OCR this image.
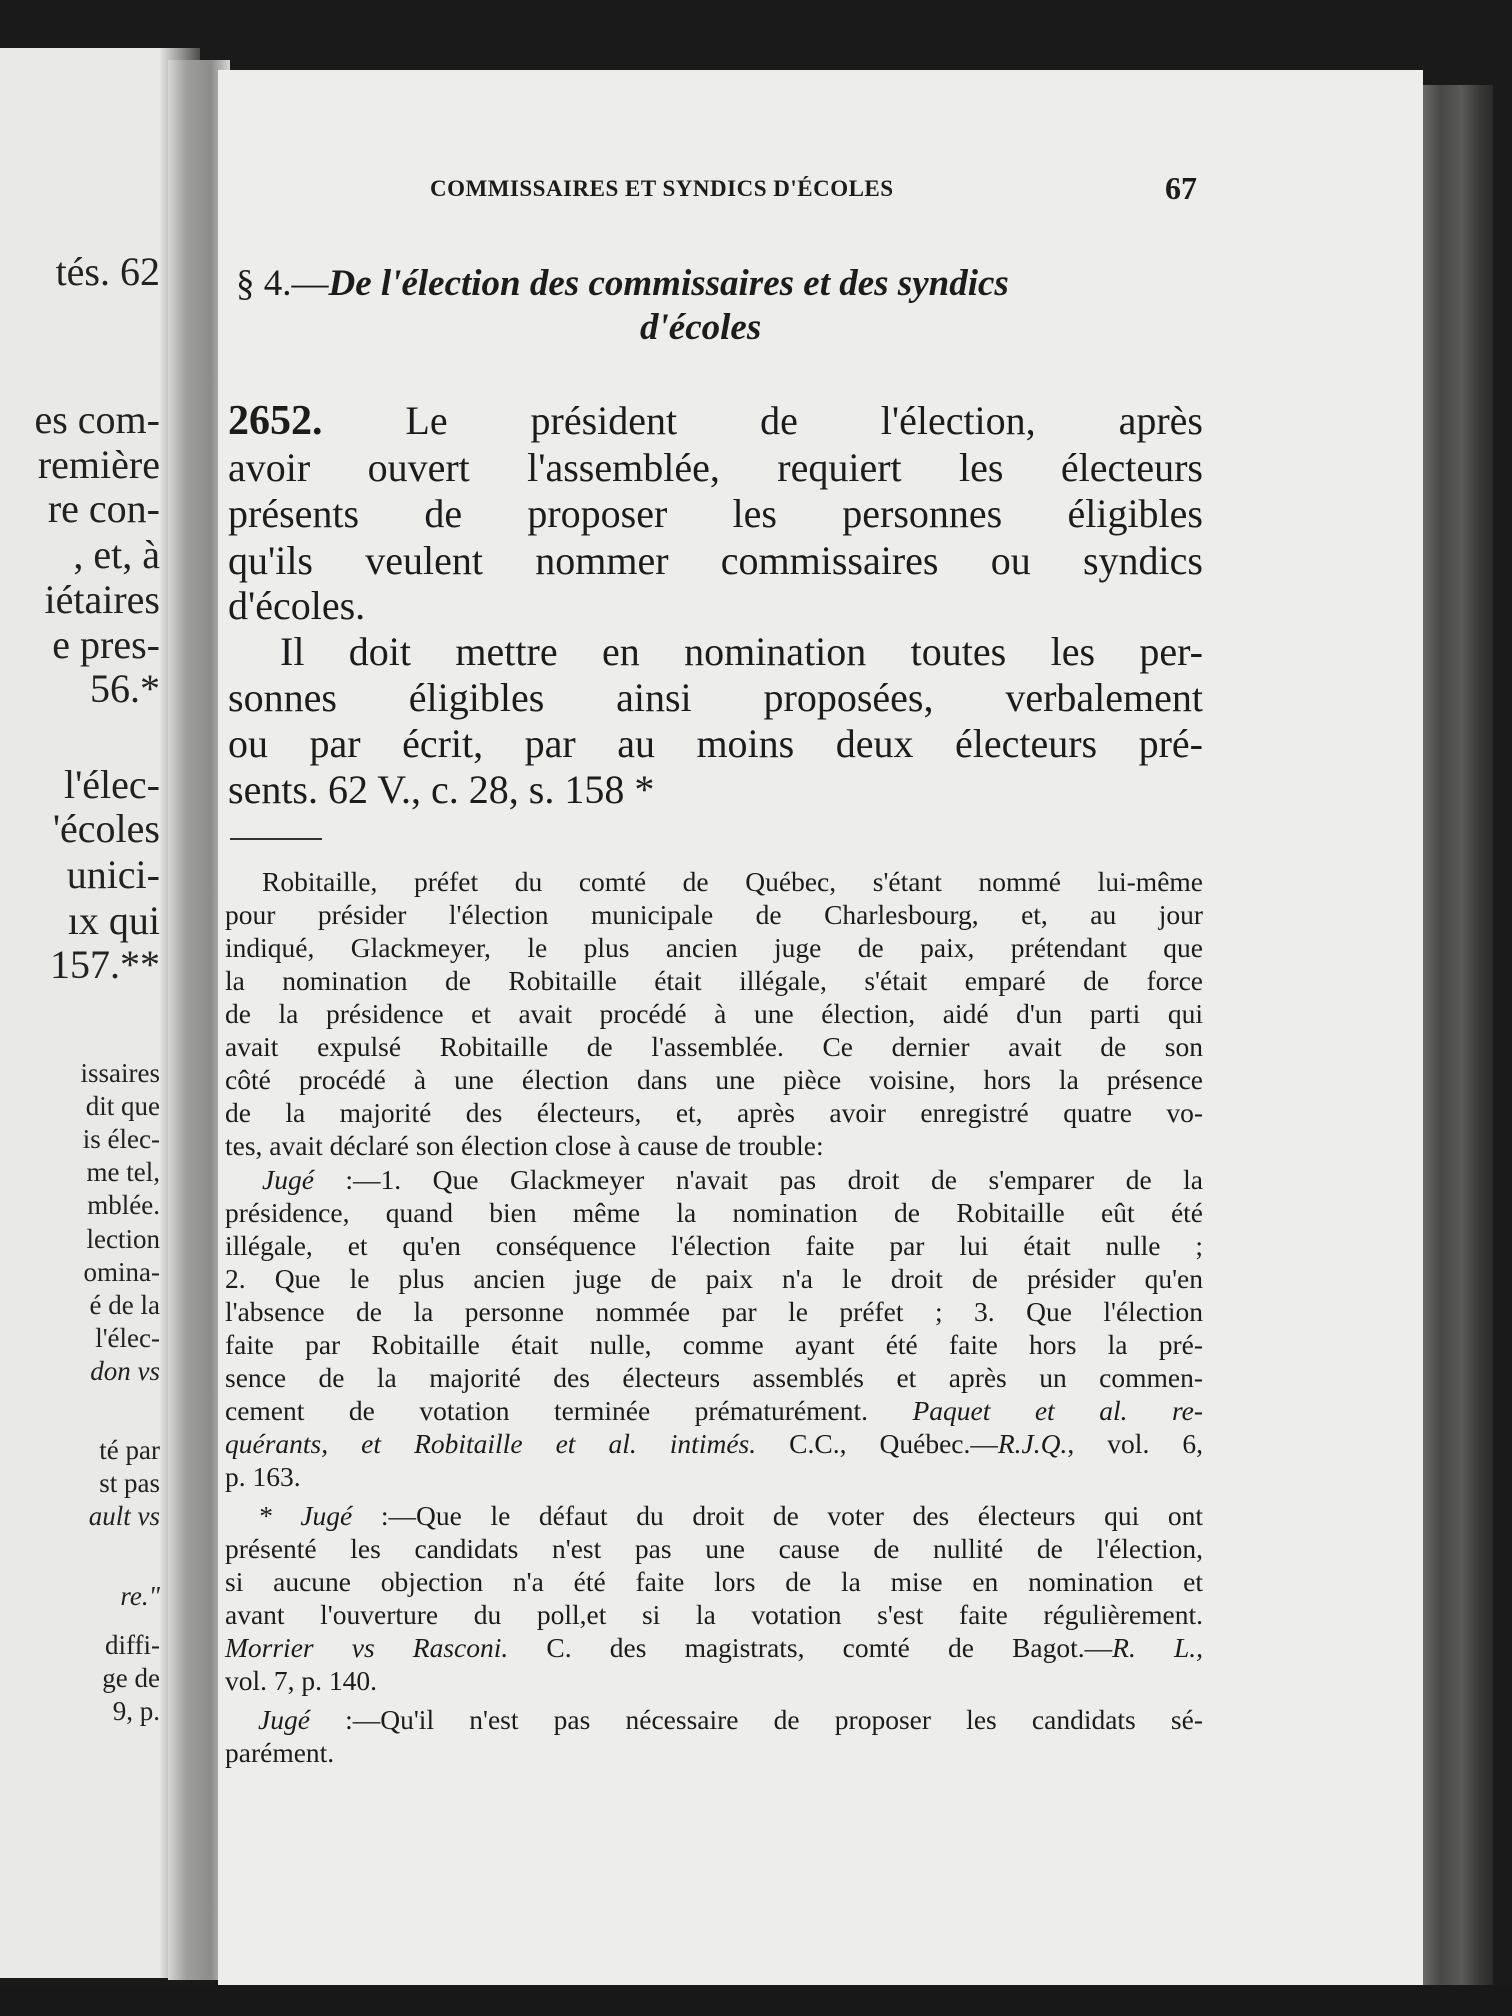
tés. 62
es com-
remière
re con-
, et, à
iétaires
e pres-
56.*
l'élec-
'écoles
unici-
ıx qui
157.**
issaires
dit que
is élec-
me tel,
mblée.
lection
omina-
é de la
l'élec-
don vs
té par
st pas
ault vs
re."
diffi-
ge de
9, p.
COMMISSAIRES ET SYNDICS D'ÉCOLES	67
§ 4.—De l'élection des commissaires et des syndics
d'écoles
2652. Le président de l'élection, après
avoir ouvert l'assemblée, requiert les électeurs
présents de proposer les personnes éligibles
qu'ils veulent nommer commissaires ou syndics
d'écoles.
Il doit mettre en nomination toutes les per-
sonnes éligibles ainsi proposées, verbalement
ou par écrit, par au moins deux électeurs pré-
sents. 62 V., c. 28, s. 158 *
Robitaille, préfet du comté de Québec, s'étant nommé lui-même
pour présider l'élection municipale de Charlesbourg, et, au jour
indiqué, Glackmeyer, le plus ancien juge de paix, prétendant que
la nomination de Robitaille était illégale, s'était emparé de force
de la présidence et avait procédé à une élection, aidé d'un parti qui
avait expulsé Robitaille de l'assemblée. Ce dernier avait de son
côté procédé à une élection dans une pièce voisine, hors la présence
de la majorité des électeurs, et, après avoir enregistré quatre vo-
tes, avait déclaré son élection close à cause de trouble:
Jugé :—1. Que Glackmeyer n'avait pas droit de s'emparer de la
présidence, quand bien même la nomination de Robitaille eût été
illégale, et qu'en conséquence l'élection faite par lui était nulle ;
2. Que le plus ancien juge de paix n'a le droit de présider qu'en
l'absence de la personne nommée par le préfet ; 3. Que l'élection
faite par Robitaille était nulle, comme ayant été faite hors la pré-
sence de la majorité des électeurs assemblés et après un commen-
cement de votation terminée prématurément. Paquet et al. re-
quérants, et Robitaille et al. intimés. C.C., Québec.—R.J.Q., vol. 6,
p. 163.
* Jugé :—Que le défaut du droit de voter des électeurs qui ont
présenté les candidats n'est pas une cause de nullité de l'élection,
si aucune objection n'a été faite lors de la mise en nomination et
avant l'ouverture du poll,et si la votation s'est faite régulièrement.
Morrier vs Rasconi. C. des magistrats, comté de Bagot.—R. L.,
vol. 7, p. 140.
Jugé :—Qu'il n'est pas nécessaire de proposer les candidats sé-
parément.
